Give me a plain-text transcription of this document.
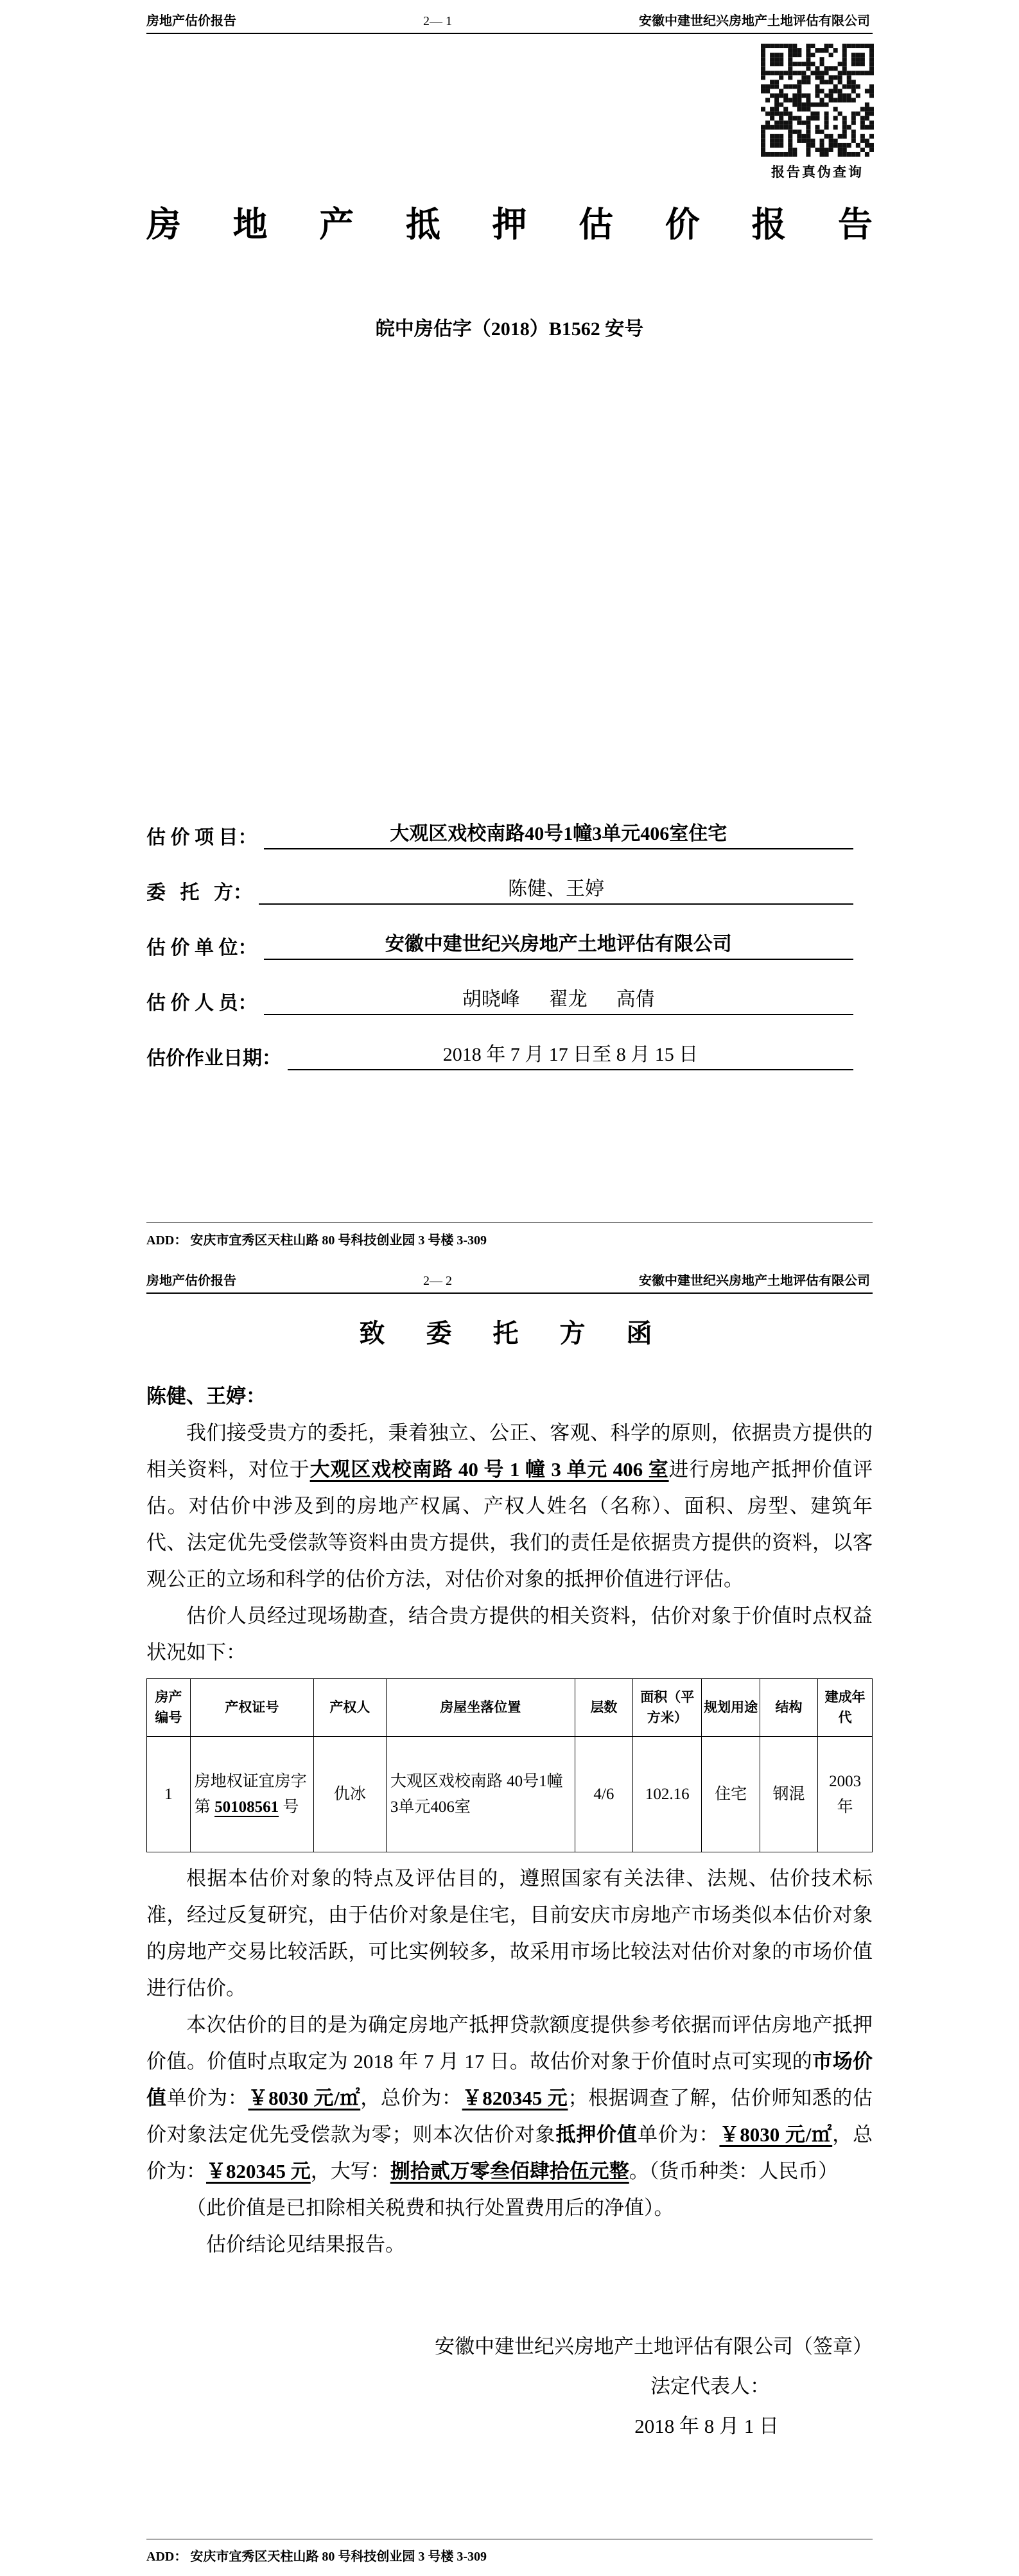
房地产估价报告	2— 1	安徽中建世纪兴房地产土地评估有限公司
报告真伪查询
房 地 产 抵 押 估 价 报 告
皖中房估字（2018）B1562 安号
估 价 项 目：	大观区戏校南路40号1幢3单元406室住宅
委   托   方：	陈健、王婷
估 价 单 位：	安徽中建世纪兴房地产土地评估有限公司
估 价 人 员：	胡晓峰      翟龙      高倩
估价作业日期：	2018 年 7 月 17 日至 8 月 15 日
ADD： 安庆市宜秀区天柱山路 80 号科技创业园 3 号楼 3-309
房地产估价报告	2— 2	安徽中建世纪兴房地产土地评估有限公司
致　委　托　方　函
陈健、王婷：

我们接受贵方的委托，秉着独立、公正、客观、科学的原则，依据贵方提供的相关资料，对位于大观区戏校南路 40 号 1 幢 3 单元 406 室进行房地产抵押价值评估。对估价中涉及到的房地产权属、产权人姓名（名称）、面积、房型、建筑年代、法定优先受偿款等资料由贵方提供，我们的责任是依据贵方提供的资料，以客观公正的立场和科学的估价方法，对估价对象的抵押价值进行评估。

估价人员经过现场勘查，结合贵方提供的相关资料，估价对象于价值时点权益状况如下：

房产编号	产权证号	产权人	房屋坐落位置	层数	面积（平方米）	规划用途	结构	建成年代
1	房地权证宜房字第 50108561 号	仇冰	大观区戏校南路 40号1幢3单元406室	4/6	102.16	住宅	钢混	2003年

根据本估价对象的特点及评估目的，遵照国家有关法律、法规、估价技术标准，经过反复研究，由于估价对象是住宅，目前安庆市房地产市场类似本估价对象的房地产交易比较活跃，可比实例较多，故采用市场比较法对估价对象的市场价值进行估价。

本次估价的目的是为确定房地产抵押贷款额度提供参考依据而评估房地产抵押价值。价值时点取定为 2018 年 7 月 17 日。故估价对象于价值时点可实现的市场价值单价为：￥8030 元/㎡，总价为：￥820345 元；根据调查了解，估价师知悉的估价对象法定优先受偿款为零；则本次估价对象抵押价值单价为：￥8030 元/㎡，总价为：￥820345 元，大写：捌拾贰万零叁佰肆拾伍元整。（货币种类：人民币）

（此价值是已扣除相关税费和执行处置费用后的净值）。

估价结论见结果报告。

安徽中建世纪兴房地产土地评估有限公司（签章）
法定代表人：
2018 年 8 月 1 日
ADD： 安庆市宜秀区天柱山路 80 号科技创业园 3 号楼 3-309
